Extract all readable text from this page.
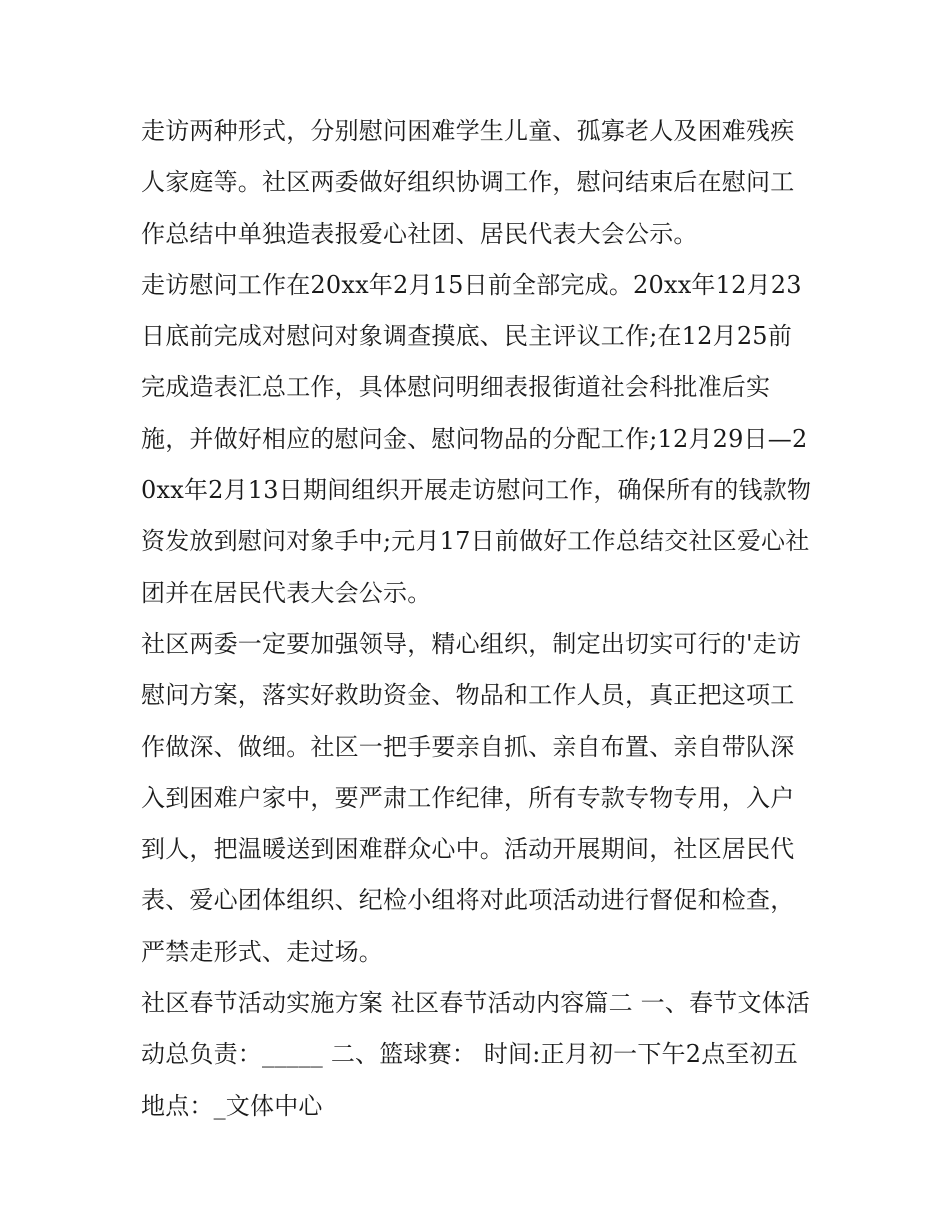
走访两种形式，分别慰问困难学生儿童、孤寡老人及困难残疾人家庭等。社区两委做好组织协调工作，慰问结束后在慰问工作总结中单独造表报爱心社团、居民代表大会公示。

走访慰问工作在20xx年2月15日前全部完成。20xx年12月23日底前完成对慰问对象调查摸底、民主评议工作;在12月25前完成造表汇总工作，具体慰问明细表报街道社会科批准后实施，并做好相应的慰问金、慰问物品的分配工作;12月29日—20xx年2月13日期间组织开展走访慰问工作，确保所有的钱款物资发放到慰问对象手中;元月17日前做好工作总结交社区爱心社团并在居民代表大会公示。

社区两委一定要加强领导，精心组织，制定出切实可行的'走访慰问方案，落实好救助资金、物品和工作人员，真正把这项工作做深、做细。社区一把手要亲自抓、亲自布置、亲自带队深入到困难户家中，要严肃工作纪律，所有专款专物专用，入户到人，把温暖送到困难群众心中。活动开展期间，社区居民代表、爱心团体组织、纪检小组将对此项活动进行督促和检查，严禁走形式、走过场。

社区春节活动实施方案 社区春节活动内容篇二 一、春节文体活动总负责：_____ 二、篮球赛： 时间:正月初一下午2点至初五 地点：_文体中心
